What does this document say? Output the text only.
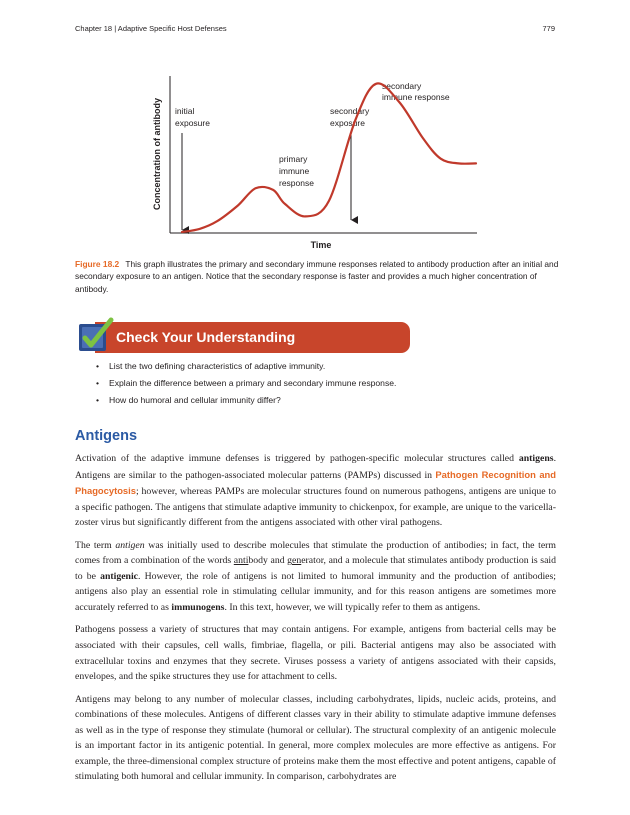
Chapter 18 | Adaptive Specific Host Defenses	779
Concentration of antibody
Time
initial exposure
primary immune response
secondary exposure
secondary immune response
Figure 18.2 This graph illustrates the primary and secondary immune responses related to antibody production after an initial and secondary exposure to an antigen. Notice that the secondary response is faster and provides a much higher concentration of antibody.
Check Your Understanding
• List the two defining characteristics of adaptive immunity.
• Explain the difference between a primary and secondary immune response.
• How do humoral and cellular immunity differ?
Antigens

Activation of the adaptive immune defenses is triggered by pathogen-specific molecular structures called antigens. Antigens are similar to the pathogen-associated molecular patterns (PAMPs) discussed in Pathogen Recognition and Phagocytosis; however, whereas PAMPs are molecular structures found on numerous pathogens, antigens are unique to a specific pathogen. The antigens that stimulate adaptive immunity to chickenpox, for example, are unique to the varicella-zoster virus but significantly different from the antigens associated with other viral pathogens.

The term antigen was initially used to describe molecules that stimulate the production of antibodies; in fact, the term comes from a combination of the words antibody and generator, and a molecule that stimulates antibody production is said to be antigenic. However, the role of antigens is not limited to humoral immunity and the production of antibodies; antigens also play an essential role in stimulating cellular immunity, and for this reason antigens are sometimes more accurately referred to as immunogens. In this text, however, we will typically refer to them as antigens.

Pathogens possess a variety of structures that may contain antigens. For example, antigens from bacterial cells may be associated with their capsules, cell walls, fimbriae, flagella, or pili. Bacterial antigens may also be associated with extracellular toxins and enzymes that they secrete. Viruses possess a variety of antigens associated with their capsids, envelopes, and the spike structures they use for attachment to cells.

Antigens may belong to any number of molecular classes, including carbohydrates, lipids, nucleic acids, proteins, and combinations of these molecules. Antigens of different classes vary in their ability to stimulate adaptive immune defenses as well as in the type of response they stimulate (humoral or cellular). The structural complexity of an antigenic molecule is an important factor in its antigenic potential. In general, more complex molecules are more effective as antigens. For example, the three-dimensional complex structure of proteins make them the most effective and potent antigens, capable of stimulating both humoral and cellular immunity. In comparison, carbohydrates are
